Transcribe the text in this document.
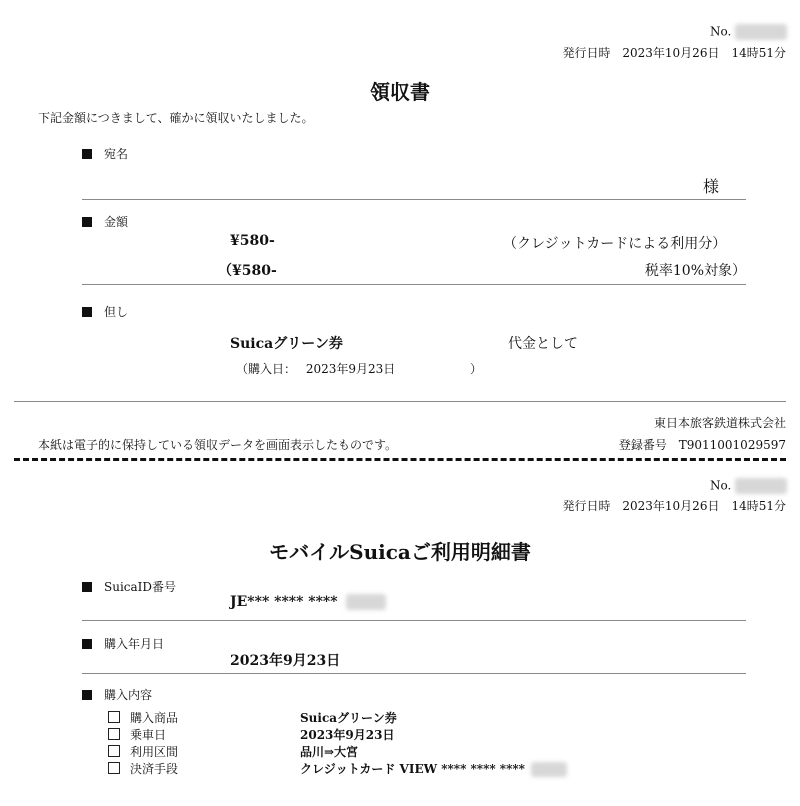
No.
発行日時 2023年10月26日　14時51分
領収書
下記金額につきまして、確かに領収いたしました。
宛名
様
金額
¥580-	（クレジットカードによる利用分）
（¥580-	税率10%対象）
但し
Suicaグリーン券	代金として
（購入日： 2023年9月23日	）
東日本旅客鉄道株式会社
本紙は電子的に保持している領収データを画面表示したものです。	登録番号 T9011001029597
No.
発行日時 2023年10月26日　14時51分
モバイルSuicaご利用明細書
SuicaID番号
JE*** **** ****
購入年月日
2023年9月23日
購入内容
購入商品	Suicaグリーン券
乗車日	2023年9月23日
利用区間	品川⇒大宮
決済手段	クレジットカード VIEW **** **** ****
